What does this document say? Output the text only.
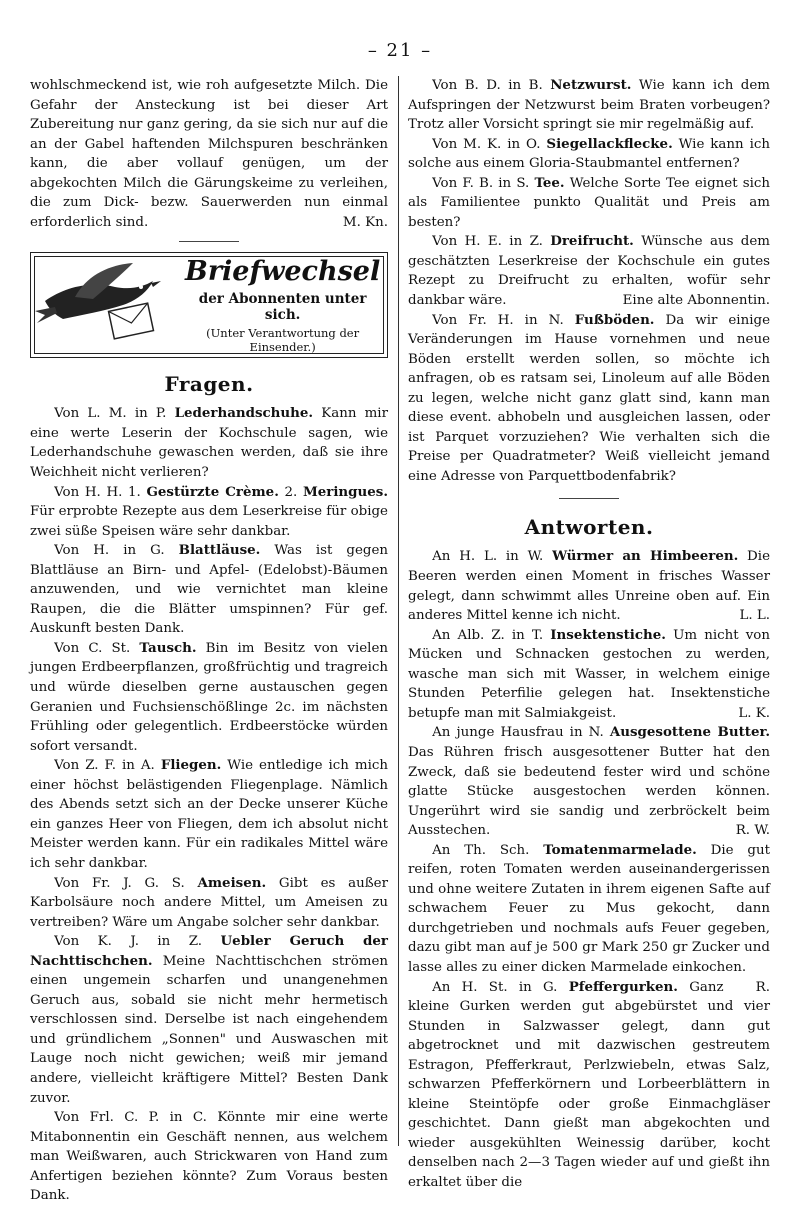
– 21 –

wohlschmeckend ist, wie roh aufgesetzte Milch. Die Gefahr der Ansteckung ist bei dieser Art Zubereitung nur ganz gering, da sie sich nur auf die an der Gabel haftenden Milchspuren beschränken kann, die aber vollauf genügen, um der abgekochten Milch die Gärungskeime zu verleihen, die zum Dick- bezw. Sauerwerden nun einmal erforderlich sind.	M. Kn.

Briefwechsel
der Abonnenten unter sich.
(Unter Verantwortung der Einsender.)
Fragen.

Von L. M. in P. Lederhandschuhe. Kann mir eine werte Leserin der Kochschule sagen, wie Lederhandschuhe gewaschen werden, daß sie ihre Weichheit nicht verlieren?

Von H. H. 1. Gestürzte Crème. 2. Meringues. Für erprobte Rezepte aus dem Leserkreise für obige zwei süße Speisen wäre sehr dankbar.

Von H. in G. Blattläuse. Was ist gegen Blattläuse an Birn- und Apfel- (Edelobst)-Bäumen anzuwenden, und wie vernichtet man kleine Raupen, die die Blätter umspinnen? Für gef. Auskunft besten Dank.

Von C. St. Tausch. Bin im Besitz von vielen jungen Erdbeerpflanzen, großfrüchtig und tragreich und würde dieselben gerne austauschen gegen Geranien und Fuchsienschößlinge 2c. im nächsten Frühling oder gelegentlich. Erdbeerstöcke würden sofort versandt.

Von Z. F. in A. Fliegen. Wie entledige ich mich einer höchst belästigenden Fliegenplage. Nämlich des Abends setzt sich an der Decke unserer Küche ein ganzes Heer von Fliegen, dem ich absolut nicht Meister werden kann. Für ein radikales Mittel wäre ich sehr dankbar.

Von Fr. J. G. S. Ameisen. Gibt es außer Karbolsäure noch andere Mittel, um Ameisen zu vertreiben? Wäre um Angabe solcher sehr dankbar.

Von K. J. in Z. Uebler Geruch der Nachttischchen. Meine Nachttischchen strömen einen ungemein scharfen und unangenehmen Geruch aus, sobald sie nicht mehr hermetisch verschlossen sind. Derselbe ist nach eingehendem und gründlichem „Sonnen" und Auswaschen mit Lauge noch nicht gewichen; weiß mir jemand andere, vielleicht kräftigere Mittel? Besten Dank zuvor.

Von Frl. C. P. in C. Könnte mir eine werte Mitabonnentin ein Geschäft nennen, aus welchem man Weißwaren, auch Strickwaren von Hand zum Anfertigen beziehen könnte? Zum Voraus besten Dank.

Von B. D. in B. Netzwurst. Wie kann ich dem Aufspringen der Netzwurst beim Braten vorbeugen? Trotz aller Vorsicht springt sie mir regelmäßig auf.

Von M. K. in O. Siegellackflecke. Wie kann ich solche aus einem Gloria-Staubmantel entfernen?

Von F. B. in S. Tee. Welche Sorte Tee eignet sich als Familientee punkto Qualität und Preis am besten?

Von H. E. in Z. Dreifrucht. Wünsche aus dem geschätzten Leserkreise der Kochschule ein gutes Rezept zu Dreifrucht zu erhalten, wofür sehr dankbar wäre.	Eine alte Abonnentin.

Von Fr. H. in N. Fußböden. Da wir einige Veränderungen im Hause vornehmen und neue Böden erstellt werden sollen, so möchte ich anfragen, ob es ratsam sei, Linoleum auf alle Böden zu legen, welche nicht ganz glatt sind, kann man diese event. abhobeln und ausgleichen lassen, oder ist Parquet vorzuziehen? Wie verhalten sich die Preise per Quadratmeter? Weiß vielleicht jemand eine Adresse von Parquettbodenfabrik?

Antworten.

An H. L. in W. Würmer an Himbeeren. Die Beeren werden einen Moment in frisches Wasser gelegt, dann schwimmt alles Unreine oben auf. Ein anderes Mittel kenne ich nicht.	L. L.

An Alb. Z. in T. Insektenstiche. Um nicht von Mücken und Schnacken gestochen zu werden, wasche man sich mit Wasser, in welchem einige Stunden Peterfilie gelegen hat. Insektenstiche betupfe man mit Salmiakgeist.	L. K.

An junge Hausfrau in N. Ausgesottene Butter. Das Rühren frisch ausgesottener Butter hat den Zweck, daß sie bedeutend fester wird und schöne glatte Stücke ausgestochen werden können. Ungerührt wird sie sandig und zerbröckelt beim Ausstechen.	R. W.

An Th. Sch. Tomatenmarmelade. Die gut reifen, roten Tomaten werden auseinandergerissen und ohne weitere Zutaten in ihrem eigenen Safte auf schwachem Feuer zu Mus gekocht, dann durchgetrieben und nochmals aufs Feuer gegeben, dazu gibt man auf je 500 gr Mark 250 gr Zucker und lasse alles zu einer dicken Marmelade einkochen.
R.

An H. St. in G. Pfeffergurken. Ganz kleine Gurken werden gut abgebürstet und vier Stunden in Salzwasser gelegt, dann gut abgetrocknet und mit dazwischen gestreutem Estragon, Pfefferkraut, Perlzwiebeln, etwas Salz, schwarzen Pfefferkörnern und Lorbeerblättern in kleine Steintöpfe oder große Einmachgläser geschichtet. Dann gießt man abgekochten und wieder ausgekühlten Weinessig darüber, kocht denselben nach 2—3 Tagen wieder auf und gießt ihn erkaltet über die
